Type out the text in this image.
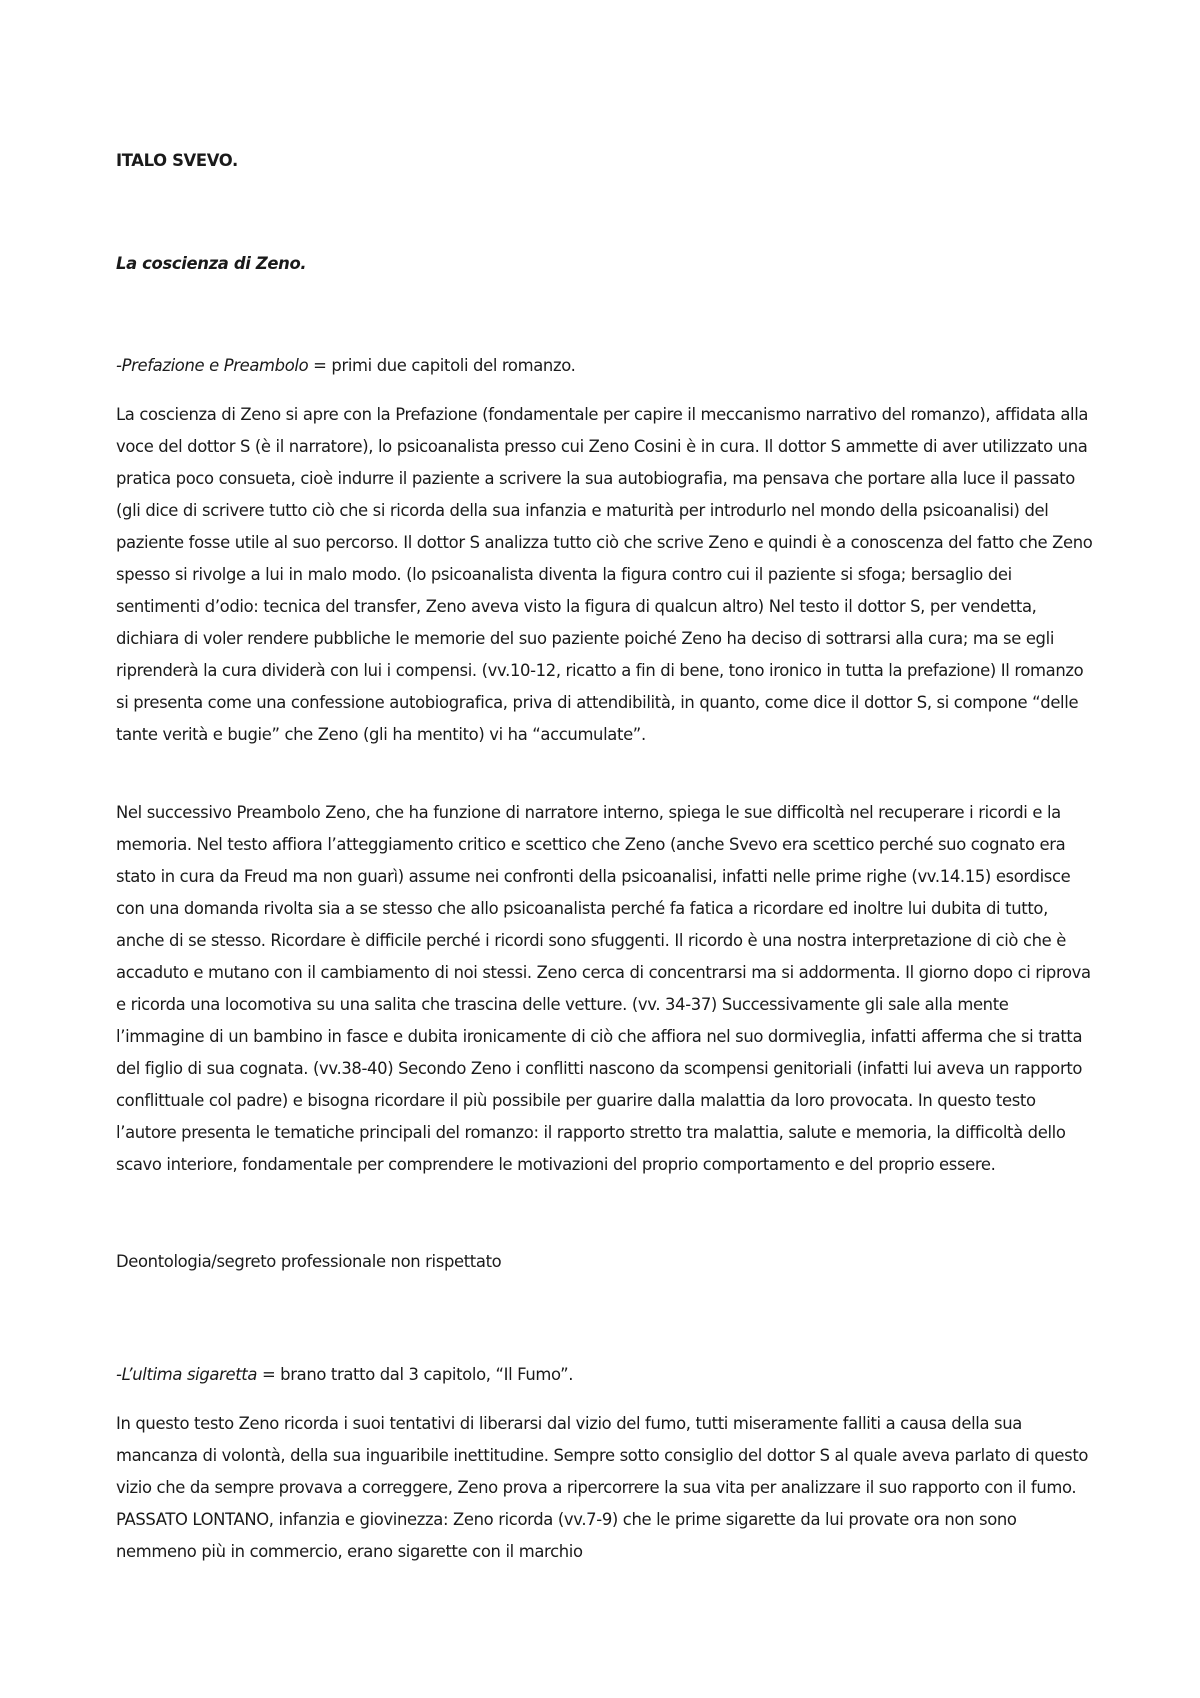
ITALO SVEVO.

La coscienza di Zeno.

-Prefazione e Preambolo = primi due capitoli del romanzo.

La coscienza di Zeno si apre con la Prefazione (fondamentale per capire il meccanismo narrativo del romanzo), affidata alla voce del dottor S (è il narratore), lo psicoanalista presso cui Zeno Cosini è in cura. Il dottor S ammette di aver utilizzato una pratica poco consueta, cioè indurre il paziente a scrivere la sua autobiografia, ma pensava che portare alla luce il passato (gli dice di scrivere tutto ciò che si ricorda della sua infanzia e maturità per introdurlo nel mondo della psicoanalisi) del paziente fosse utile al suo percorso. Il dottor S analizza tutto ciò che scrive Zeno e quindi è a conoscenza del fatto che Zeno spesso si rivolge a lui in malo modo. (lo psicoanalista diventa la figura contro cui il paziente si sfoga; bersaglio dei sentimenti d’odio: tecnica del transfer, Zeno aveva visto la figura di qualcun altro) Nel testo il dottor S, per vendetta, dichiara di voler rendere pubbliche le memorie del suo paziente poiché Zeno ha deciso di sottrarsi alla cura; ma se egli riprenderà la cura dividerà con lui i compensi. (vv.10-12, ricatto a fin di bene, tono ironico in tutta la prefazione) Il romanzo si presenta come una confessione autobiografica, priva di attendibilità, in quanto, come dice il dottor S, si compone “delle tante verità e bugie” che Zeno (gli ha mentito) vi ha “accumulate”.

Nel successivo Preambolo Zeno, che ha funzione di narratore interno, spiega le sue difficoltà nel recuperare i ricordi e la memoria. Nel testo affiora l’atteggiamento critico e scettico che Zeno (anche Svevo era scettico perché suo cognato era stato in cura da Freud ma non guarì) assume nei confronti della psicoanalisi, infatti nelle prime righe (vv.14.15) esordisce con una domanda rivolta sia a se stesso che allo psicoanalista perché fa fatica a ricordare ed inoltre lui dubita di tutto, anche di se stesso. Ricordare è difficile perché i ricordi sono sfuggenti. Il ricordo è una nostra interpretazione di ciò che è accaduto e mutano con il cambiamento di noi stessi. Zeno cerca di concentrarsi ma si addormenta. Il giorno dopo ci riprova e ricorda una locomotiva su una salita che trascina delle vetture. (vv. 34-37) Successivamente gli sale alla mente l’immagine di un bambino in fasce e dubita ironicamente di ciò che affiora nel suo dormiveglia, infatti afferma che si tratta del figlio di sua cognata. (vv.38-40) Secondo Zeno i conflitti nascono da scompensi genitoriali (infatti lui aveva un rapporto conflittuale col padre) e bisogna ricordare il più possibile per guarire dalla malattia da loro provocata. In questo testo l’autore presenta le tematiche principali del romanzo: il rapporto stretto tra malattia, salute e memoria, la difficoltà dello scavo interiore, fondamentale per comprendere le motivazioni del proprio comportamento e del proprio essere.

Deontologia/segreto professionale non rispettato

-L’ultima sigaretta = brano tratto dal 3 capitolo, “Il Fumo”.

In questo testo Zeno ricorda i suoi tentativi di liberarsi dal vizio del fumo, tutti miseramente falliti a causa della sua mancanza di volontà, della sua inguaribile inettitudine. Sempre sotto consiglio del dottor S al quale aveva parlato di questo vizio che da sempre provava a correggere, Zeno prova a ripercorrere la sua vita per analizzare il suo rapporto con il fumo. PASSATO LONTANO, infanzia e giovinezza: Zeno ricorda (vv.7-9) che le prime sigarette da lui provate ora non sono nemmeno più in commercio, erano sigarette con il marchio
